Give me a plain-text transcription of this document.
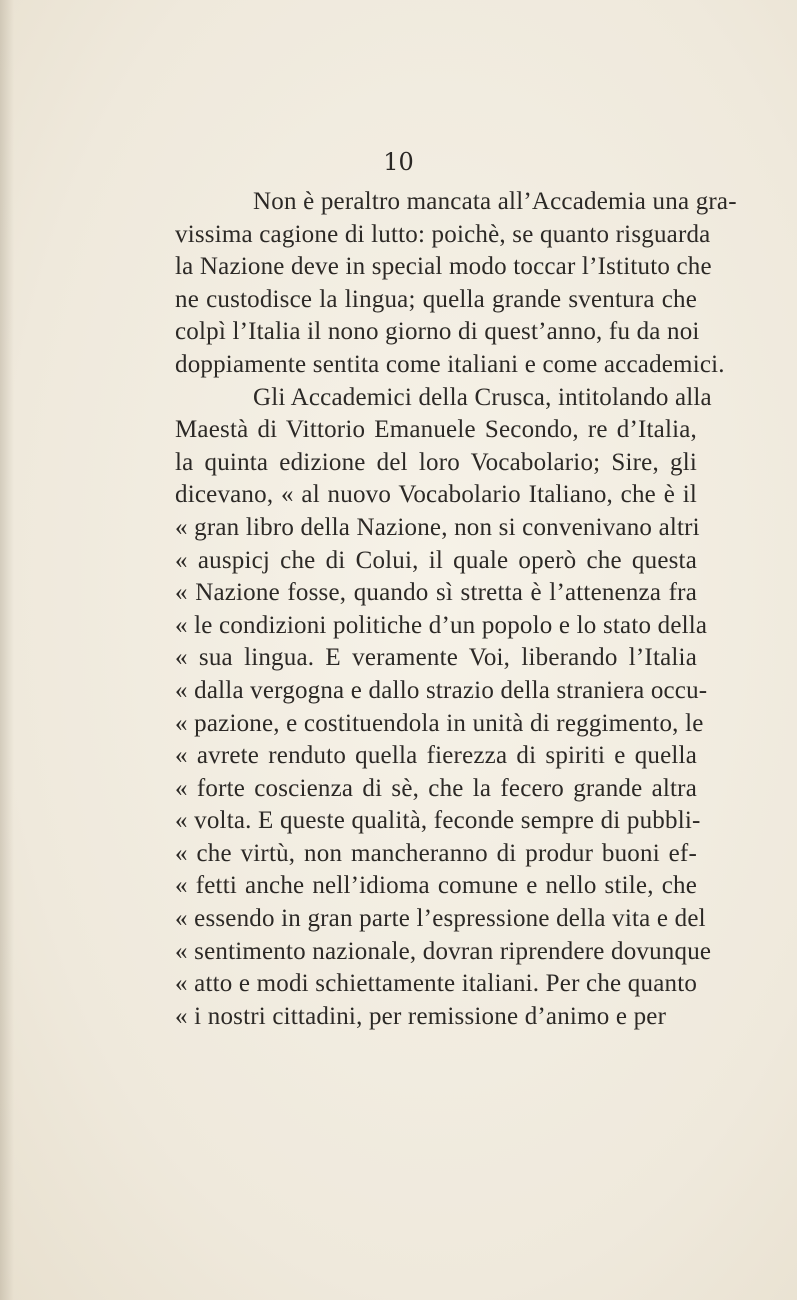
10
Non è peraltro mancata all’Accademia una gra-
vissima cagione di lutto: poichè, se quanto risguarda
la Nazione deve in special modo toccar l’Istituto che
ne custodisce la lingua; quella grande sventura che
colpì l’Italia il nono giorno di quest’anno, fu da noi
doppiamente sentita come italiani e come accademici.
Gli Accademici della Crusca, intitolando alla
Maestà di Vittorio Emanuele Secondo, re d’Italia,
la quinta edizione del loro Vocabolario; Sire, gli
dicevano, « al nuovo Vocabolario Italiano, che è il
« gran libro della Nazione, non si convenivano altri
« auspicj che di Colui, il quale operò che questa
« Nazione fosse, quando sì stretta è l’attenenza fra
« le condizioni politiche d’un popolo e lo stato della
« sua lingua. E veramente Voi, liberando l’Italia
« dalla vergogna e dallo strazio della straniera occu-
« pazione, e costituendola in unità di reggimento, le
« avrete renduto quella fierezza di spiriti e quella
« forte coscienza di sè, che la fecero grande altra
« volta. E queste qualità, feconde sempre di pubbli-
« che virtù, non mancheranno di produr buoni ef-
« fetti anche nell’idioma comune e nello stile, che
« essendo in gran parte l’espressione della vita e del
« sentimento nazionale, dovran riprendere dovunque
« atto e modi schiettamente italiani. Per che quanto
« i nostri cittadini, per remissione d’animo e per
